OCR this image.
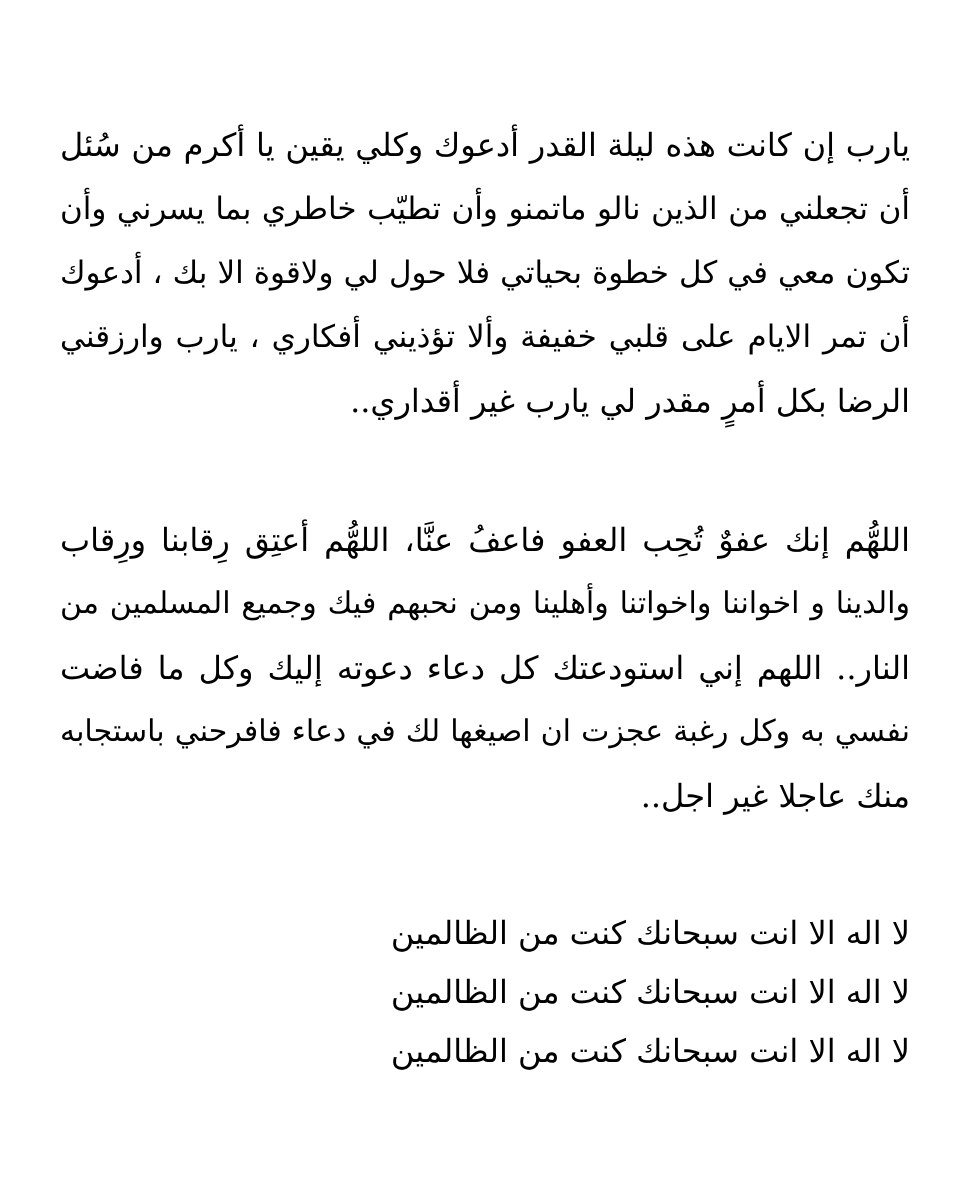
يارب إن كانت هذه ليلة القدر أدعوك وكلي يقين يا أكرم من سُئل
أن تجعلني من الذين نالو ماتمنو وأن تطيّب خاطري بما يسرني وأن
تكون معي في كل خطوة بحياتي فلا حول لي ولاقوة الا بك ، أدعوك
أن تمر الايام على قلبي خفيفة وألا تؤذيني أفكاري ، يارب وارزقني
الرضا بكل أمرٍ مقدر لي يارب غير أقداري..
اللهُّم إنك عفوٌ تُحِب العفو فاعفُ عنَّا، اللهُّم أعتِق رِقابنا ورِقاب
والدينا و اخواننا واخواتنا وأهلينا ومن نحبهم فيك وجميع المسلمين من
النار.. اللهم إني استودعتك كل دعاء دعوته إليك وكل ما فاضت
نفسي به وكل رغبة عجزت ان اصيغها لك في دعاء فافرحني باستجابه
منك عاجلا غير اجل..
لا اله الا انت سبحانك كنت من الظالمين
لا اله الا انت سبحانك كنت من الظالمين
لا اله الا انت سبحانك كنت من الظالمين
